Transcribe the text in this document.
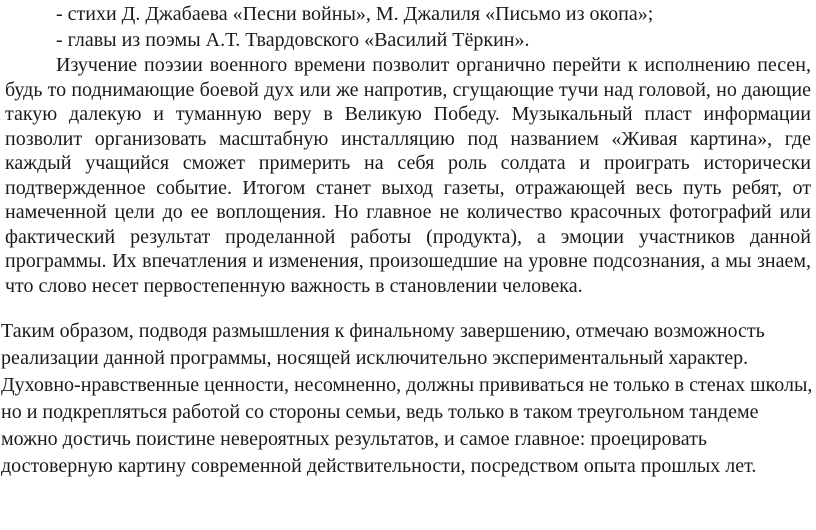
- стихи Д. Джабаева «Песни войны», М. Джалиля «Письмо из окопа»;
- главы из поэмы А.Т. Твардовского «Василий Тёркин».

Изучение поэзии военного времени позволит органично перейти к исполнению песен, будь то поднимающие боевой дух или же напротив, сгущающие тучи над головой, но дающие такую далекую и туманную веру в Великую Победу. Музыкальный пласт информации позволит организовать масштабную инсталляцию под названием «Живая картина», где каждый учащийся сможет примерить на себя роль солдата и проиграть исторически подтвержденное событие. Итогом станет выход газеты, отражающей весь путь ребят, от намеченной цели до ее воплощения. Но главное не количество красочных фотографий или фактический результат проделанной работы (продукта), а эмоции участников данной программы. Их впечатления и изменения, произошедшие на уровне подсознания, а мы знаем, что слово несет первостепенную важность в становлении человека.

Таким образом, подводя размышления к финальному завершению, отмечаю возможность реализации данной программы, носящей исключительно экспериментальный характер. Духовно-нравственные ценности, несомненно, должны прививаться не только в стенах школы, но и подкрепляться работой со стороны семьи, ведь только в таком треугольном тандеме можно достичь поистине невероятных результатов, и самое главное: проецировать достоверную картину современной действительности, посредством опыта прошлых лет.
